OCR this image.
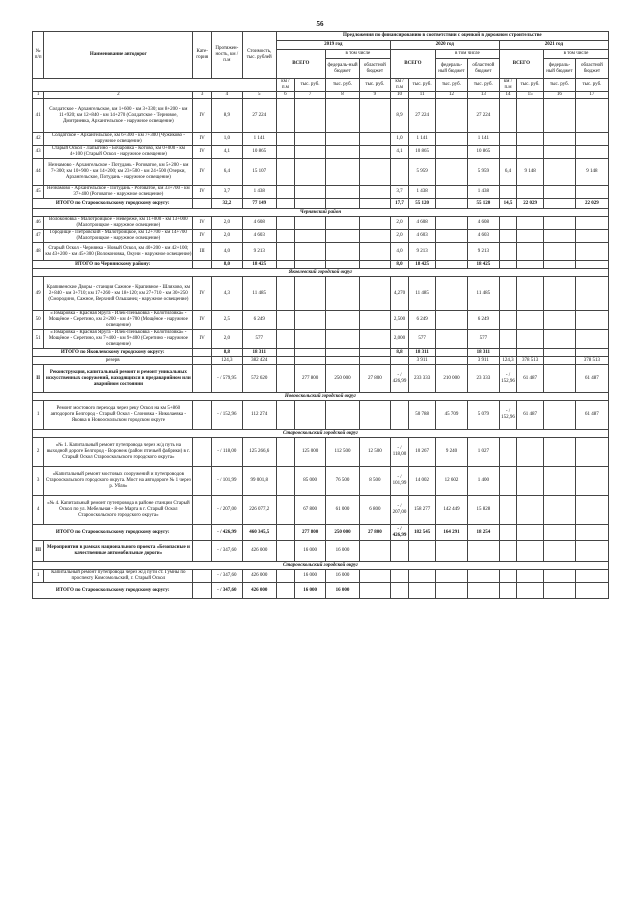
56
№ п/п	Наименование автодорог	Кате-гория	Протяжен-ность, км / п.м	Стоимость, тыс. рублей	Предложения по финансированию в соответствии с оценкой в дорожном строительстве											
					2019 год				2020 год				2021 год			
					ВСЕГО		в том числе		ВСЕГО		в том числе		ВСЕГО		в том числе	
							федераль-ный бюджет	областной бюджет			федераль-ный бюджет	областной бюджет			федераль-ный бюджет	областной бюджет
					км / п.м	тыс. руб.	тыс. руб.	тыс. руб.	км / п.м	тыс. руб.	тыс. руб.	тыс. руб.	км / п.м	тыс. руб.	тыс. руб.	тыс. руб.
1	2	3	4	5	6	7	8	9	10	11	12	13	14	15	16	17
41	Солдатское - Архангельское, км 1+600 - км 3+330; км 8+200 - км 11+920; км 12+840 - км 14+270 (Солдатское - Терновое, Дмитриевка, Архангельское - наружное освещение)	IV	8,9	27 224					8,9	27 224		27 224				
42	Солдатское - Архангельское, км 6+300 - км 7+300 (Чужиково - наружное освещение)	IV	1,0	1 141					1,0	1 141		1 141				
43	Старый Оскол - Лапыгино - Бочаровка - Котово, км 0+000 - км 4+100 (Старый Оскол - наружное освещение)	IV	4,1	10 865					4,1	10 865		10 865				
44	Незнамово - Архангельское - Потудань - Роговатое, км 5+200 - км 7+300; км 10+900 - км 14+200; км 23+500 - км 24+500 (Озерки, Архангельское, Потудань - наружное освещение)	IV	6,4	15 107						5 959		5 959	6,4	9 148		9 148
45	Незнамово - Архангельское - Потудань - Роговатое, км 33+700 - км 37+400 (Роговатое - наружное освещение)	IV	3,7	1 438					3,7	1 438		1 438				
ИТОГО по Старооскольскому городскому округу:			32,2	77 149					17,7	55 120		55 120	14,5	22 029		22 029
Чернянский район																
46	Волоконовка - Малотроицкое - Невереже, км 11+000 - км 13+000 (Малотроицкое - наружное освещение)	IV	2,0	4 608					2,0	4 608		4 608				
47	Городище - Петровский - Малотроицкое, км 12+700 - км 14+700 (Малотроицкое - наружное освещение)	IV	2,0	4 603					2,0	4 603		4 603				
48	Старый Оскол - Чернянка - Новый Оскол, км 40+200 - км 42+100; км 43+200 - км 45+300 (Волоконовка, Окуни - наружное освещение)	III	4,0	9 213					4,0	9 213		9 213				
ИТОГО по Чернянскому району:			8,0	18 425					8,0	18 425		18 425				
Яковлевский городской округ																
49	Крапивенские Дворы - станция Сажное - Крапивное - Шляхово, км 2+840 - км 3+710; км 17+260 - км 18+120; км 27+710 - км 30+250 (Смородино, Сажное, Верхний Ольшанец - наружное освещение)	IV	4,3	11 485					4,270	11 485		11 485				
50	«Томаровка - Красная Яруга - Илек-Пеньковка - Колотиловка» - Мощёное - Серетино, км 2+200 - км 4+700 (Мощёное - наружное освещение)	IV	2,5	6 249					2,500	6 249		6 249				
51	«Томаровка - Красная Яруга - Илек-Пеньковка - Колотиловка» - Мощёное - Серетино, км 7+400 - км 9+400 (Серетино - наружное освещение)	IV	2,0	577					2,000	577		577				
ИТОГО по Яковлевскому городскому округу:			8,8	18 311					8,8	18 311		18 311				
резерв			124,3	382 424						3 911		3 911	124,3	378 513		378 513
II	Реконструкция, капитальный ремонт и ремонт уникальных искусственных сооружений, находящихся в предаварийном или аварийном состоянии		- / 579,95	572 620		277 800	250 000	27 800	- / 426,99	233 333	210 000	23 333	- / 152,96	61 487		61 487
Новооскольский городской округ																
1	Ремонт мостового перехода через реку Оскол на км 5+860 автодороги Белгород - Старый Оскол - Слоновка - Николаевка - Яковка в Новооскольском городском округе		- / 152,96	112 274						50 788	45 709	5 079	- / 152,96	61 487		61 487
Старооскольский городской округ																
2	«№ 1. Капитальный ремонт путепровода через ж/д путь на выходной дороге Белгород - Воронеж (район птичьей фабрики) в г. Старый Оскол Старооскольского городского округа»		- / 118,00	125 266,6		125 000	112 500	12 500	- / 118,00	10 267	9 240	1 027				
3	«Капитальный ремонт мостовых сооружений и путепроводов Старооскольского городского округа. Мост на автодороге № 1 через р. Убля»		- / 101,99	99 001,8		85 000	76 500	8 500	- / 101,99	14 002	12 602	1 400				
4	«№ 4. Капитальный ремонт путепровода в районе станции Старый Оскол по ул. Мебельная - 8-ое Марта в г. Старый Оскол Старооскольского городского округа»		- / 207,00	226 077,2		67 800	61 000	6 800	- / 207,00	158 277	142 449	15 828				
ИТОГО по Старооскольскому городскому округу:			- / 426,99	460 345,5		277 800	250 000	27 800	- / 426,99	182 545	164 291	18 254				
III	Мероприятия в рамках национального проекта «Безопасные и качественные автомобильные дороги»		- / 347,60	426 000		16 000	16 000									
Старооскольский городской округ																
1	Капитальный ремонт путепровода через ж/д пути ст. Гумны по проспекту Комсомольский, г. Старый Оскол		- / 347,60	426 000		16 000	16 000									
ИТОГО по Старооскольскому городскому округу:			- / 347,60	426 000		16 000	16 000									
